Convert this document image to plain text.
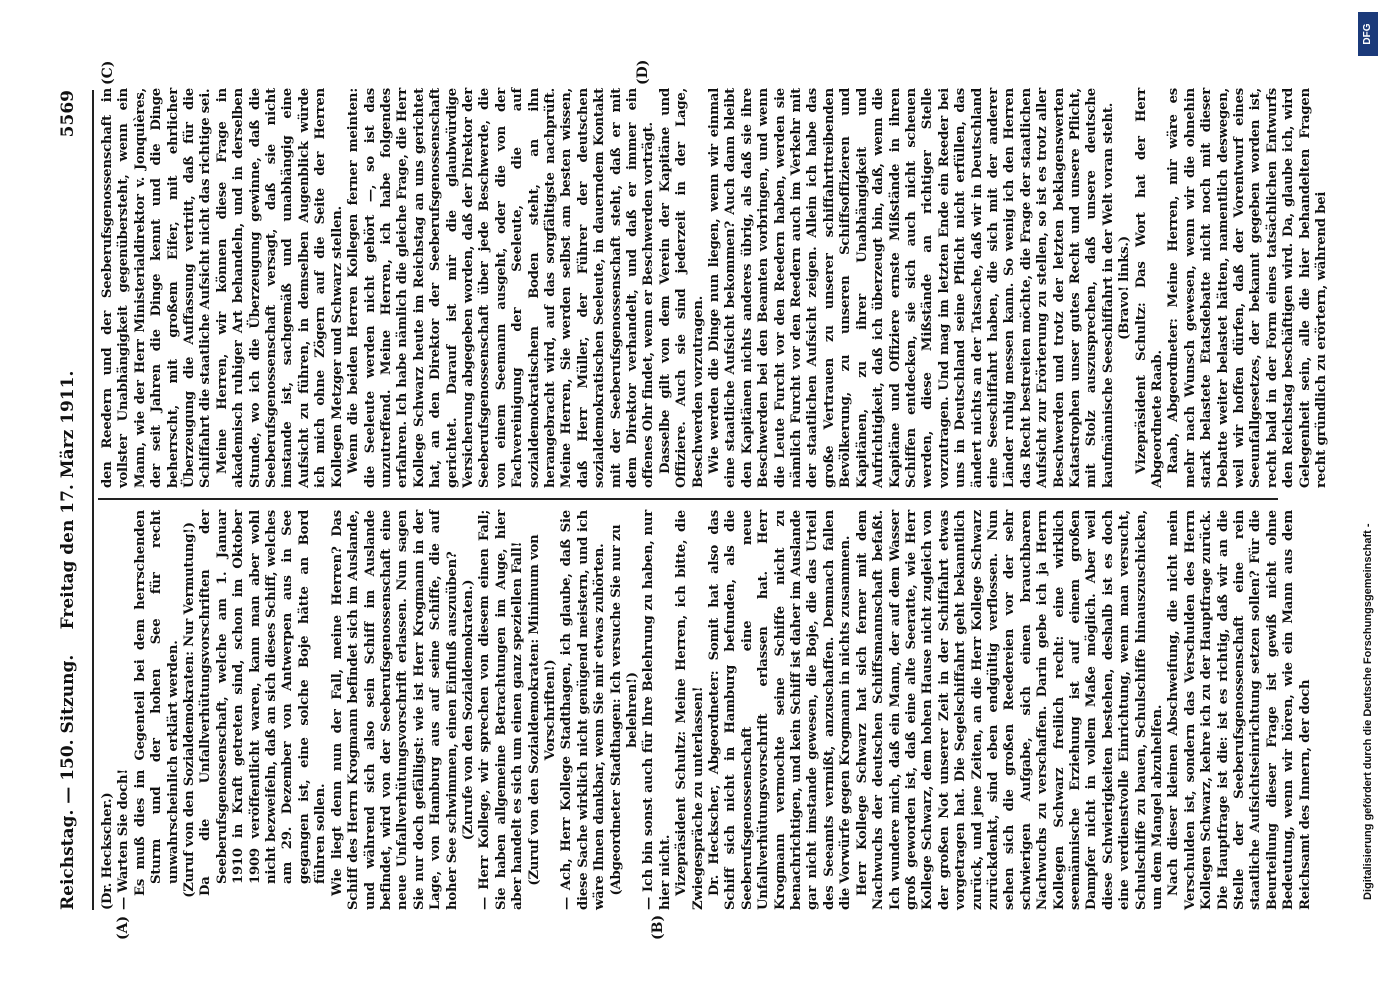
Reichstag. — 150. Sitzung.
Freitag den 17. März 1911.
5569
(A)	(B)
(C)	(D)

(Dr. Heckscher.) — Warten Sie doch! Es muß dies im Gegenteil bei dem herrschenden Sturm und der hohen See für recht unwahrscheinlich erklärt werden. (Zuruf von den Sozialdemokraten: Nur Vermutung!) Da die Unfallverhütungsvorschriften der Seeberufsgenossenschaft, welche am 1. Januar 1910 in Kraft getreten sind, schon im Oktober 1909 veröffentlicht waren, kann man aber wohl nicht bezweifeln, daß an sich dieses Schiff, welches am 29. Dezember von Antwerpen aus in See gegangen ist, eine solche Boje hätte an Bord führen sollen. Wie liegt denn nun der Fall, meine Herren? Das Schiff des Herrn Krogmann befindet sich im Auslande, und während sich also sein Schiff im Auslande befindet, wird von der Seeberufsgenossenschaft eine neue Unfallverhütungsvorschrift erlassen. Nun sagen Sie nur doch gefälligst: wie ist Herr Krogmann in der Lage, von Hamburg aus auf seine Schiffe, die auf hoher See schwimmen, einen Einfluß auszuüben? (Zurufe von den Sozialdemokraten.) — Herr Kollege, wir sprechen von diesem einen Fall; Sie haben allgemeine Betrachtungen im Auge, hier aber handelt es sich um einen ganz speziellen Fall! (Zuruf von den Sozialdemokraten: Minimum von Vorschriften!) — Ach, Herr Kollege Stadthagen, ich glaube, daß Sie diese Sache wirklich nicht genügend meistern, und ich wäre Ihnen dankbar, wenn Sie mir etwas zuhörten. (Abgeordneter Stadthagen: Ich versuche Sie nur zu belehren!) — Ich bin sonst auch für Ihre Belehrung zu haben, nur hier nicht. Vizepräsident Schultz: Meine Herren, ich bitte, die Zwiegespräche zu unterlassen! Dr. Heckscher, Abgeordneter: Somit hat also das Schiff sich nicht in Hamburg befunden, als die Seeberufsgenossenschaft eine neue Unfallverhütungsvorschrift erlassen hat. Herr Krogmann vermochte seine Schiffe nicht zu benachrichtigen, und kein Schiff ist daher im Auslande gar nicht imstande gewesen, die Boje, die das Urteil des Seeamts vermißt, anzuschaffen. Demnach fallen die Vorwürfe gegen Krogmann in nichts zusammen. Herr Kollege Schwarz hat sich ferner mit dem Nachwuchs der deutschen Schiffsmannschaft befaßt. Ich wundere mich, daß ein Mann, der auf dem Wasser groß geworden ist, daß eine alte Seeratte, wie Herr Kollege Schwarz, dem hohen Hause nicht zugleich von der großen Not unserer Zeit in der Schiffahrt etwas vorgetragen hat. Die Segelschiffahrt geht bekanntlich zurück, und jene Zeiten, an die Herr Kollege Schwarz zurückdenkt, sind eben endgültig verflossen. Nun sehen sich die großen Reedereien vor der sehr schwierigen Aufgabe, sich einen brauchbaren Nachwuchs zu verschaffen. Darin gebe ich ja Herrn Kollegen Schwarz freilich recht: eine wirklich seemännische Erziehung ist auf einem großen Dampfer nicht in vollem Maße möglich. Aber weil diese Schwierigkeiten bestehen, deshalb ist es doch eine verdienstvolle Einrichtung, wenn man versucht, Schulschiffe zu bauen, Schulschiffe hinauszuschicken, um dem Mangel abzuhelfen. Nach dieser kleinen Abschweifung, die nicht mein Verschulden ist, sondern das Verschulden des Herrn Kollegen Schwarz, kehre ich zu der Hauptfrage zurück. Die Hauptfrage ist die: ist es richtig, daß wir an die Stelle der Seeberufsgenossenschaft eine rein staatliche Aufsichtseinrichtung setzen sollen? Für die Beurteilung dieser Frage ist gewiß nicht ohne Bedeutung, wenn wir hören, wie ein Mann aus dem Reichsamt des Innern, der doch

den Reedern und der Seeberufsgenossenschaft in vollster Unabhängigkeit gegenübersteht, wenn ein Mann, wie der Herr Ministerialdirektor v. Jonquières, der seit Jahren die Dinge kennt und die Dinge beherrscht, mit großem Eifer, mit ehrlicher Überzeugung die Auffassung vertritt, daß für die Schiffahrt die staatliche Aufsicht nicht das richtige sei. Meine Herren, wir können diese Frage in akademisch ruhiger Art behandeln, und in derselben Stunde, wo ich die Überzeugung gewinne, daß die Seeberufsgenossenschaft versagt, daß sie nicht imstande ist, sachgemäß und unabhängig eine Aufsicht zu führen, in demselben Augenblick würde ich mich ohne Zögern auf die Seite der Herren Kollegen Metzger und Schwarz stellen. Wenn die beiden Herren Kollegen ferner meinten: die Seeleute werden nicht gehört —, so ist das unzutreffend. Meine Herren, ich habe folgendes erfahren. Ich habe nämlich die gleiche Frage, die Herr Kollege Schwarz heute im Reichstag an uns gerichtet hat, an den Direktor der Seeberufsgenossenschaft gerichtet. Darauf ist mir die glaubwürdige Versicherung abgegeben worden, daß der Direktor der Seeberufsgenossenschaft über jede Beschwerde, die von einem Seemann ausgeht, oder die von der Fachvereinigung der Seeleute, die auf sozialdemokratischem Boden steht, an ihn herangebracht wird, auf das sorgfältigste nachprüft. Meine Herren, Sie werden selbst am besten wissen, daß Herr Müller, der Führer der deutschen sozialdemokratischen Seeleute, in dauerndem Kontakt mit der Seeberufsgenossenschaft steht, daß er mit dem Direktor verhandelt, und daß er immer ein offenes Ohr findet, wenn er Beschwerden vorträgt. Dasselbe gilt von dem Verein der Kapitäne und Offiziere. Auch sie sind jederzeit in der Lage, Beschwerden vorzutragen. Wie werden die Dinge nun liegen, wenn wir einmal eine staatliche Aufsicht bekommen? Auch dann bleibt den Kapitänen nichts anderes übrig, als daß sie ihre Beschwerden bei den Beamten vorbringen, und wenn die Leute Furcht vor den Reedern haben, werden sie nämlich Furcht vor den Reedern auch im Verkehr mit der staatlichen Aufsicht zeigen. Allein ich habe das große Vertrauen zu unserer schiffahrttreibenden Bevölkerung, zu unseren Schiffsoffizieren und Kapitänen, zu ihrer Unabhängigkeit und Aufrichtigkeit, daß ich überzeugt bin, daß, wenn die Kapitäne und Offiziere ernste Mißstände in ihren Schiffen entdecken, sie sich auch nicht scheuen werden, diese Mißstände an richtiger Stelle vorzutragen. Und mag im letzten Ende ein Reeder bei uns in Deutschland seine Pflicht nicht erfüllen, das ändert nichts an der Tatsache, daß wir in Deutschland eine Seeschiffahrt haben, die sich mit der anderer Länder ruhig messen kann. So wenig ich den Herren das Recht bestreiten möchte, die Frage der staatlichen Aufsicht zur Erörterung zu stellen, so ist es trotz aller Beschwerden und trotz der letzten beklagenswerten Katastrophen unser gutes Recht und unsere Pflicht, mit Stolz auszusprechen, daß unsere deutsche kaufmännische Seeschiffahrt in der Welt voran steht. (Bravo! links.) Vizepräsident Schultz: Das Wort hat der Herr Abgeordnete Raab. Raab, Abgeordneter: Meine Herren, mir wäre es mehr nach Wunsch gewesen, wenn wir die ohnehin stark belastete Etatsdebatte nicht noch mit dieser Debatte weiter belastet hätten, namentlich deswegen, weil wir hoffen dürfen, daß der Vorentwurf eines Seeunfallgesetzes, der bekannt gegeben worden ist, recht bald in der Form eines tatsächlichen Entwurfs den Reichstag beschäftigen wird. Da, glaube ich, wird Gelegenheit sein, alle die hier behandelten Fragen recht gründlich zu erörtern, während bei

Digitalisierung gefördert durch die Deutsche Forschungsgemeinschaft -
DFG
